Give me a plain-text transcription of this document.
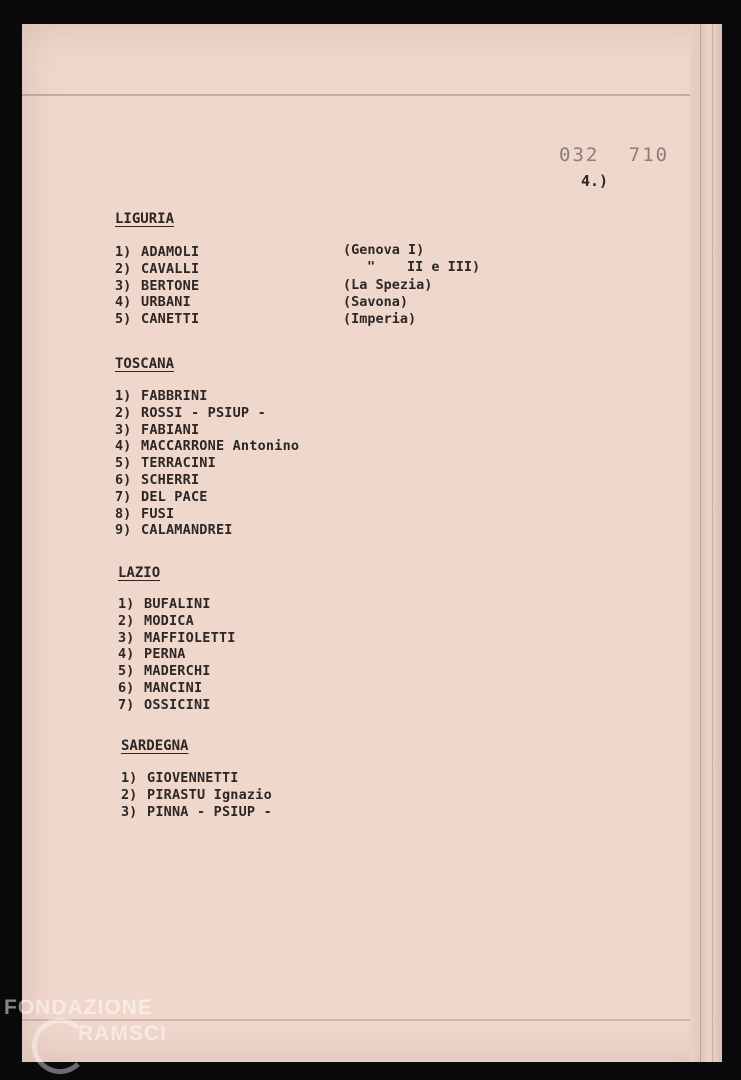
032 710
4.)
LIGURIA
1) ADAMOLI
2) CAVALLI
3) BERTONE
4) URBANI
5) CANETTI
(Genova I)
" II e III)
(La Spezia)
(Savona)
(Imperia)
TOSCANA
1) FABBRINI
2) ROSSI - PSIUP -
3) FABIANI
4) MACCARRONE Antonino
5) TERRACINI
6) SCHERRI
7) DEL PACE
8) FUSI
9) CALAMANDREI
LAZIO
1) BUFALINI
2) MODICA
3) MAFFIOLETTI
4) PERNA
5) MADERCHI
6) MANCINI
7) OSSICINI
SARDEGNA
1) GIOVENNETTI
2) PIRASTU Ignazio
3) PINNA - PSIUP -
FONDAZIONE
RAMSCI
